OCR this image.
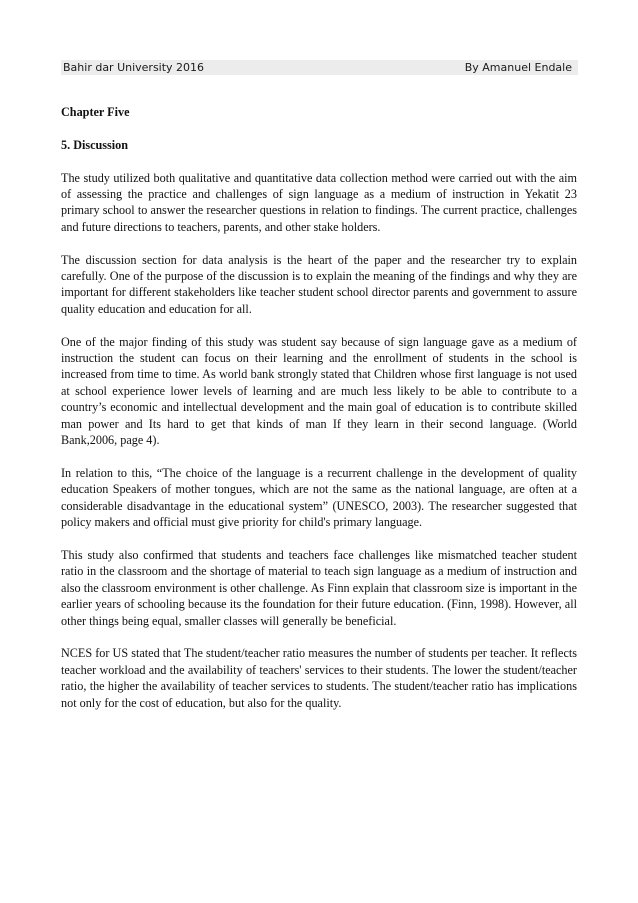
Bahir dar University 2016	By Amanuel Endale
Chapter Five
5. Discussion

The study utilized both qualitative and quantitative data collection method were carried out with the aim of assessing the practice and challenges of sign language as a medium of instruction in Yekatit 23 primary school to answer the researcher questions in relation to findings. The current practice, challenges and future directions to teachers, parents, and other stake holders.

The discussion section for data analysis is the heart of the paper and the researcher try to explain carefully. One of the purpose of the discussion is to explain the meaning of the findings and why they are important for different stakeholders like teacher student school director parents and government to assure quality education and education for all.

One of the major finding of this study was student say because of sign language gave as a medium of instruction the student can focus on their learning and the enrollment of students in the school is increased from time to time. As world bank strongly stated that Children whose first language is not used at school experience lower levels of learning and are much less likely to be able to contribute to a country’s economic and intellectual development and the main goal of education is to contribute skilled man power and Its hard to get that kinds of man If they learn in their second language. (World Bank,2006, page 4).

In relation to this, “The choice of the language is a recurrent challenge in the development of quality education Speakers of mother tongues, which are not the same as the national language, are often at a considerable disadvantage in the educational system” (UNESCO, 2003). The researcher suggested that policy makers and official must give priority for child's primary language.

This study also confirmed that students and teachers face challenges like mismatched teacher student ratio in the classroom and the shortage of material to teach sign language as a medium of instruction and also the classroom environment is other challenge. As Finn explain that classroom size is important in the earlier years of schooling because its the foundation for their future education. (Finn, 1998). However, all other things being equal, smaller classes will generally be beneficial.

NCES for US stated that The student/teacher ratio measures the number of students per teacher. It reflects teacher workload and the availability of teachers' services to their students. The lower the student/teacher ratio, the higher the availability of teacher services to students. The student/teacher ratio has implications not only for the cost of education, but also for the quality.
